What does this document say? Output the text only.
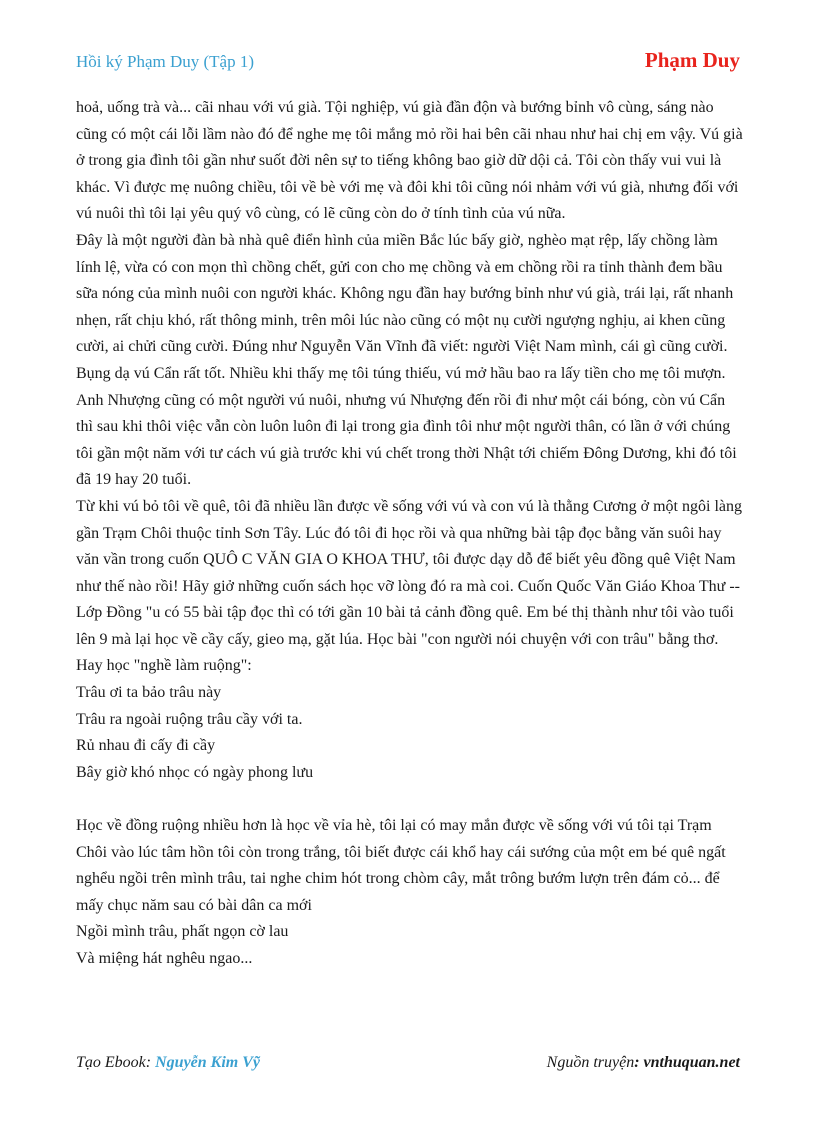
Hồi ký Phạm Duy (Tập 1)	Phạm Duy

hoả, uống trà và... cãi nhau với vú già. Tội nghiệp, vú già đần độn và bướng bỉnh vô cùng, sáng nào cũng có một cái lỗi lầm nào đó để nghe mẹ tôi mắng mỏ rồi hai bên cãi nhau như hai chị em vậy. Vú già ở trong gia đình tôi gần như suốt đời nên sự to tiếng không bao giờ dữ dội cả. Tôi còn thấy vui vui là khác. Vì được mẹ nuông chiều, tôi về bè với mẹ và đôi khi tôi cũng nói nhảm với vú già, nhưng đối với vú nuôi thì tôi lại yêu quý vô cùng, có lẽ cũng còn do ở tính tình của vú nữa.

Đây là một người đàn bà nhà quê điển hình của miền Bắc lúc bấy giờ, nghèo mạt rệp, lấy chồng làm lính lệ, vừa có con mọn thì chồng chết, gửi con cho mẹ chồng và em chồng rồi ra tỉnh thành đem bầu sữa nóng của mình nuôi con người khác. Không ngu đần hay bướng bỉnh như vú già, trái lại, rất nhanh nhẹn, rất chịu khó, rất thông minh, trên môi lúc nào cũng có một nụ cười ngượng nghịu, ai khen cũng cười, ai chửi cũng cười. Đúng như Nguyễn Văn Vĩnh đã viết: người Việt Nam mình, cái gì cũng cười.

Bụng dạ vú Cẩn rất tốt. Nhiều khi thấy mẹ tôi túng thiếu, vú mở hầu bao ra lấy tiền cho mẹ tôi mượn. Anh Nhượng cũng có một người vú nuôi, nhưng vú Nhượng đến rồi đi như một cái bóng, còn vú Cẩn thì sau khi thôi việc vẫn còn luôn luôn đi lại trong gia đình tôi như một người thân, có lần ở với chúng tôi gần một năm với tư cách vú già trước khi vú chết trong thời Nhật tới chiếm Đông Dương, khi đó tôi đã 19 hay 20 tuổi.

Từ khi vú bỏ tôi về quê, tôi đã nhiều lần được về sống với vú và con vú là thằng Cương ở một ngôi làng gần Trạm Chôi thuộc tỉnh Sơn Tây. Lúc đó tôi đi học rồi và qua những bài tập đọc bằng văn suôi hay văn vần trong cuốn QUÔ C VĂN GIA O KHOA THƯ, tôi được dạy dỗ để biết yêu đồng quê Việt Nam như thế nào rồi! Hãy giở những cuốn sách học vỡ lòng đó ra mà coi. Cuốn Quốc Văn Giáo Khoa Thư -- Lớp Đồng "u có 55 bài tập đọc thì có tới gần 10 bài tả cảnh đồng quê. Em bé thị thành như tôi vào tuổi lên 9 mà lại học về cầy cấy, gieo mạ, gặt lúa. Học bài "con người nói chuyện với con trâu" bằng thơ. Hay học "nghề làm ruộng":

Trâu ơi ta bảo trâu này

Trâu ra ngoài ruộng trâu cầy với ta.

Rủ nhau đi cấy đi cầy

Bây giờ khó nhọc có ngày phong lưu

Học về đồng ruộng nhiều hơn là học về vỉa hè, tôi lại có may mắn được về sống với vú tôi tại Trạm Chôi vào lúc tâm hồn tôi còn trong trắng, tôi biết được cái khổ hay cái sướng của một em bé quê ngất nghểu ngồi trên mình trâu, tai nghe chim hót trong chòm cây, mắt trông bướm lượn trên đám cỏ... để mấy chục năm sau có bài dân ca mới

Ngồi mình trâu, phất ngọn cờ lau

Và miệng hát nghêu ngao...

Tạo Ebook: Nguyễn Kim Vỹ	Nguồn truyện: vnthuquan.net
